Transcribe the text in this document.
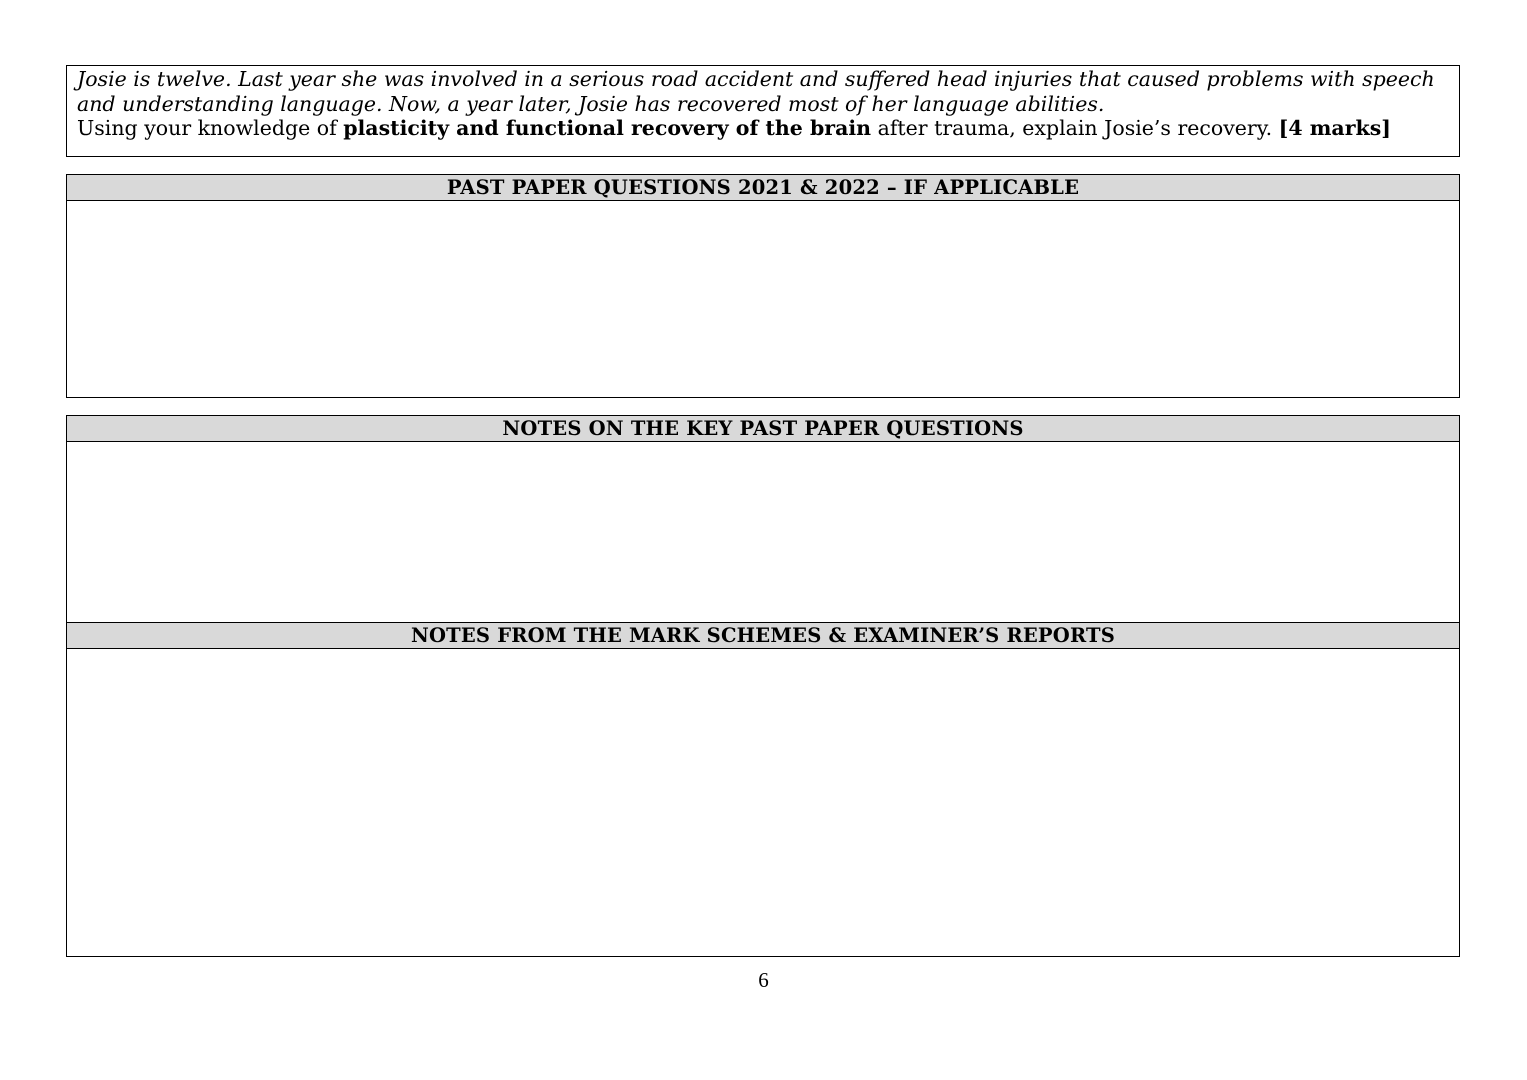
Josie is twelve. Last year she was involved in a serious road accident and suffered head injuries that caused problems with speech
and understanding language. Now, a year later, Josie has recovered most of her language abilities.

Using your knowledge of plasticity and functional recovery of the brain after trauma, explain Josie’s recovery. [4 marks]

PAST PAPER QUESTIONS 2021 & 2022 – IF APPLICABLE
NOTES ON THE KEY PAST PAPER QUESTIONS
NOTES FROM THE MARK SCHEMES & EXAMINER’S REPORTS
6
